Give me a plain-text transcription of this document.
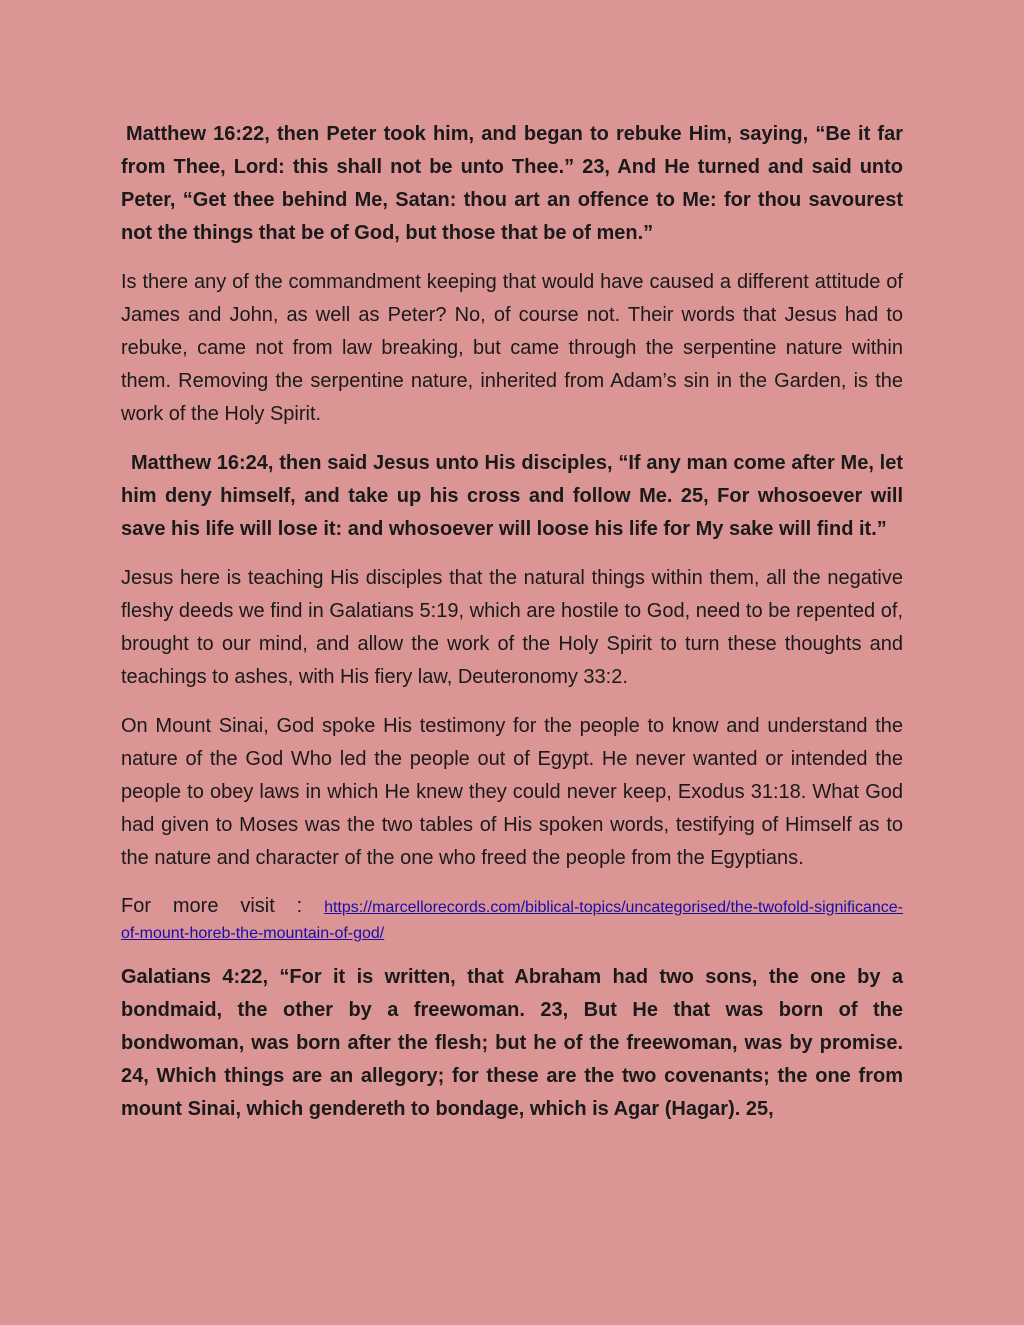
Matthew 16:22, then Peter took him, and began to rebuke Him, saying, “Be it far from Thee, Lord: this shall not be unto Thee.” 23, And He turned and said unto Peter, “Get thee behind Me, Satan: thou art an offence to Me: for thou savourest not the things that be of God, but those that be of men.”

Is there any of the commandment keeping that would have caused a different attitude of James and John, as well as Peter? No, of course not. Their words that Jesus had to rebuke, came not from law breaking, but came through the serpentine nature within them. Removing the serpentine nature, inherited from Adam’s sin in the Garden, is the work of the Holy Spirit.

Matthew 16:24, then said Jesus unto His disciples, “If any man come after Me, let him deny himself, and take up his cross and follow Me. 25, For whosoever will save his life will lose it: and whosoever will loose his life for My sake will find it.”

Jesus here is teaching His disciples that the natural things within them, all the negative fleshy deeds we find in Galatians 5:19, which are hostile to God, need to be repented of, brought to our mind, and allow the work of the Holy Spirit to turn these thoughts and teachings to ashes, with His fiery law, Deuteronomy 33:2.

On Mount Sinai, God spoke His testimony for the people to know and understand the nature of the God Who led the people out of Egypt. He never wanted or intended the people to obey laws in which He knew they could never keep, Exodus 31:18. What God had given to Moses was the two tables of His spoken words, testifying of Himself as to the nature and character of the one who freed the people from the Egyptians.

For more visit : https://marcellorecords.com/biblical-topics/uncategorised/the-twofold-significance-
of-mount-horeb-the-mountain-of-god/

Galatians 4:22, “For it is written, that Abraham had two sons, the one by a bondmaid, the other by a freewoman. 23, But He that was born of the bondwoman, was born after the flesh; but he of the freewoman, was by promise. 24, Which things are an allegory; for these are the two covenants; the one from mount Sinai, which gendereth to bondage, which is Agar (Hagar). 25,
